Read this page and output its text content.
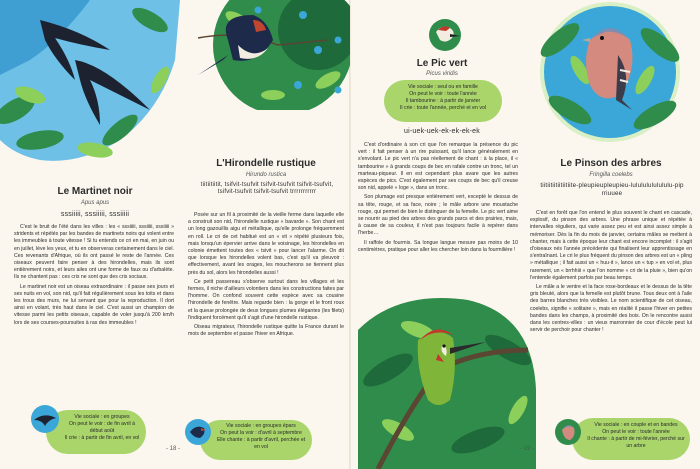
Le Martinet noir
Apus apus
sssiiiii, sssiiiii, sssiiiii

C'est le bruit de l'été dans les villes : les « sssiiiii, sssiiiii, sssiiiii » stridents et répétés par les bandes de martinets noirs qui volent entre les immeubles à toute vitesse ! Si tu entends ce cri en mai, en juin ou en juillet, lève les yeux, et tu en observeras certainement dans le ciel. Ces revenants d'Afrique, où ils ont passé le reste de l'année. Ces oiseaux peuvent faire penser à des hirondelles, mais ils sont entièrement noirs, et leurs ailes ont une forme de faux ou d'arbalète. Ils ne chantent pas : ces cris ne sont que des cris sociaux.

Le martinet noir est un oiseau extraordinaire : il passe ses jours et ses nuits en vol, son nid, qu'il fait régulièrement sous les toits et dans les trous des murs, ne lui servant que pour la reproduction. Il dort ainsi en volant, très haut dans le ciel. C'est aussi un champion de vitesse parmi les petits oiseaux, capable de voler jusqu'à 200 km/h lors de ses courses-poursuites à ras des immeubles !

L'Hirondelle rustique
Hirundo rustica
tiitiitiitit, tsifvit-tsufvit tsifvit-tsufvit tsifvit-tsufvit, tsifvit-tsufvit tsifvit-tsufvit trrrrrrrrrrr

Posée sur un fil à proximité de la vieille ferme dans laquelle elle a construit son nid, l'hirondelle rustique « bavarde ». Son chant est un long gazouillis aigu et métallique, qu'elle prolonge fréquemment en roll. Le cri de cet habitué est un « vit » répété plusieurs fois, mais lorsqu'un épervier arrive dans le voisinage, les hirondelles en colonie émettent toutes des « tsivit » pour lancer l'alarme. On dit que lorsque les hirondelles volent bas, c'est qu'il va pleuvoir : effectivement, avant les orages, les moucherons se tiennent plus près du sol, alors les hirondelles aussi !

Ce petit passereau s'observe surtout dans les villages et les fermes, il niche d'ailleurs volontiers dans les constructions faites par l'homme. On confond souvent cette espèce avec sa cousine l'hirondelle de fenêtre. Mais regarde bien : la gorge et le front roux et la queue prolongée de deux longues plumes élégantes (les filets) l'indiquent forcément qu'il s'agit d'une hirondelle rustique.

Oiseau migrateur, l'hirondelle rustique quitte la France durant le mois de septembre et passe l'hiver en Afrique.

Vie sociale : en groupes
On peut le voir : de fin avril à début août
Il crie : à partir de fin avril, en vol
Vie sociale : en groupes épars
On peut la voir : d'avril à septembre
Elle chante : à partir d'avril, perchée et en vol
- 18 -
Le Pic vert
Picus viridis
Vie sociale : seul ou en famille
On peut le voir : toute l'année
Il tambourine : à partir de janvier
Il crie : toute l'année, perché et en vol
ui-uek-uek-ek-ek-ek-ek

C'est d'ordinaire à son cri que l'on remarque la présence du pic vert : il fait penser à un rire puissant, qu'il lance généralement en s'envolant. Le pic vert n'a pas réellement de chant : à la place, il « tambourine » à grands coups de bec en rafale contre un tronc, tel un marteau-piqueur. Il en est cependant plus avare que les autres espèces de pics. C'est également par ses coups de bec qu'il creuse son nid, appelé « loge », dans un tronc.

Son plumage est presque entièrement vert, excepté le dessus de sa tête, rouge, et sa face, noire ; le mâle arbore une moustache rouge, qui permet de bien le distinguer de la femelle. Le pic vert aime se nourrir au pied des arbres des grands parcs et des prairies, mais, à cause de sa couleur, il n'est pas toujours facile à repérer dans l'herbe…

Il raffole de fourmis. Sa longue langue mesure pas moins de 10 centimètres, pratique pour aller les chercher loin dans la fourmilière !

Le Pinson des arbres
Fringilla coelebs
tiitiitiitiitiitiite-pleupieupleupieu-lulululululululu-piprriuuee

C'est en forêt que l'on entend le plus souvent le chant en cascade, explosif, du pinson des arbres. Une phrase unique et répétée à intervalles réguliers, qui varie assez peu et est ainsi assez simple à mémoriser. Dès la fin du mois de janvier, certains mâles se mettent à chanter, mais à cette époque leur chant est encore incomplet : il s'agit d'oiseaux nés l'année précédente qui finalisent leur apprentissage en s'entraînant. Le cri le plus fréquent du pinson des arbres est un « pling » métallique ; il fait aussi un « huu-it », lance un « tup » en vol et, plus rarement, un « brrhhiii » que l'on nomme « cri de la pluie », bien qu'on l'entende également parfois par beau temps.

Le mâle a le ventre et la face rose-bordeaux et le dessus de la tête gris bleuté, alors que la femelle est plutôt brune. Tous deux ont à l'aile des barres blanches très visibles. Le nom scientifique de cet oiseau, coelebs, signifie « solitaire », mais en réalité il passe l'hiver en petites bandes dans les champs, à proximité des bois. On le rencontre aussi dans les centres-villes : un vieux marronnier de cour d'école peut lui servir de perchoir pour chanter !

- 19 -
Vie sociale : en couple et en bandes
On peut le voir : toute l'année
Il chante : à partir de mi-février, perché sur un arbre
